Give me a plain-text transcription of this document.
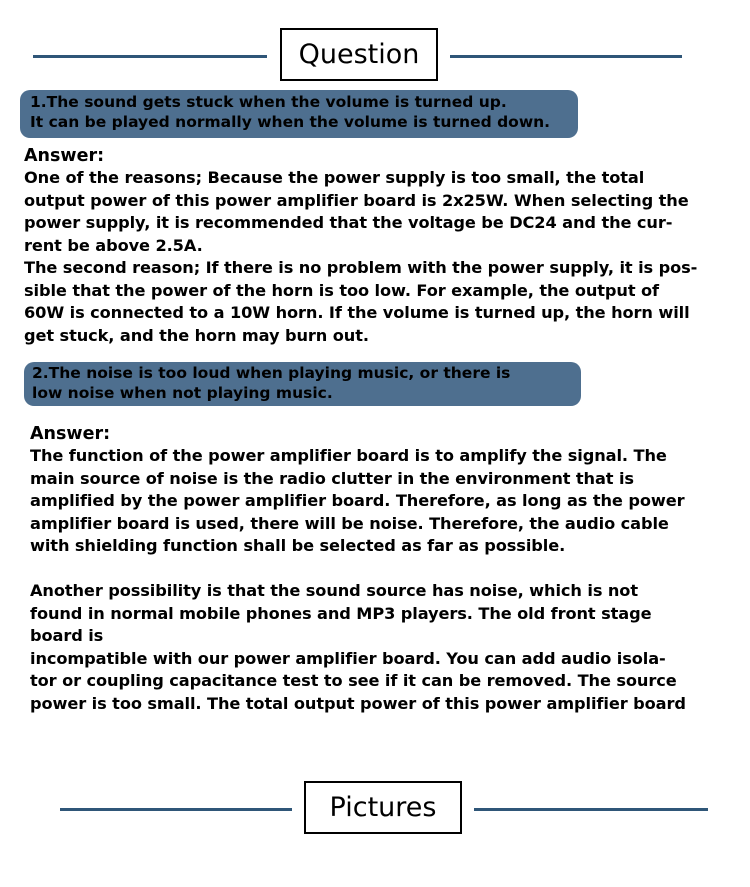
Question
1.The sound gets stuck when the volume is turned up.
It can be played normally when the volume is turned down.
Answer:
One of the reasons; Because the power supply is too small, the total
output power of this power amplifier board is 2x25W. When selecting the
power supply, it is recommended that the voltage be DC24 and the cur-
rent be above 2.5A.
The second reason; If there is no problem with the power supply, it is pos-
sible that the power of the horn is too low. For example, the output of
60W is connected to a 10W horn. If the volume is turned up, the horn will
get stuck, and the horn may burn out.
2.The noise is too loud when playing music, or there is
low noise when not playing music.
Answer:
The function of the power amplifier board is to amplify the signal. The
main source of noise is the radio clutter in the environment that is
amplified by the power amplifier board. Therefore, as long as the power
amplifier board is used, there will be noise. Therefore, the audio cable
with shielding function shall be selected as far as possible.

Another possibility is that the sound source has noise, which is not
found in normal mobile phones and MP3 players. The old front stage
board is
incompatible with our power amplifier board. You can add audio isola-
tor or coupling capacitance test to see if it can be removed. The source
power is too small. The total output power of this power amplifier board
Pictures
